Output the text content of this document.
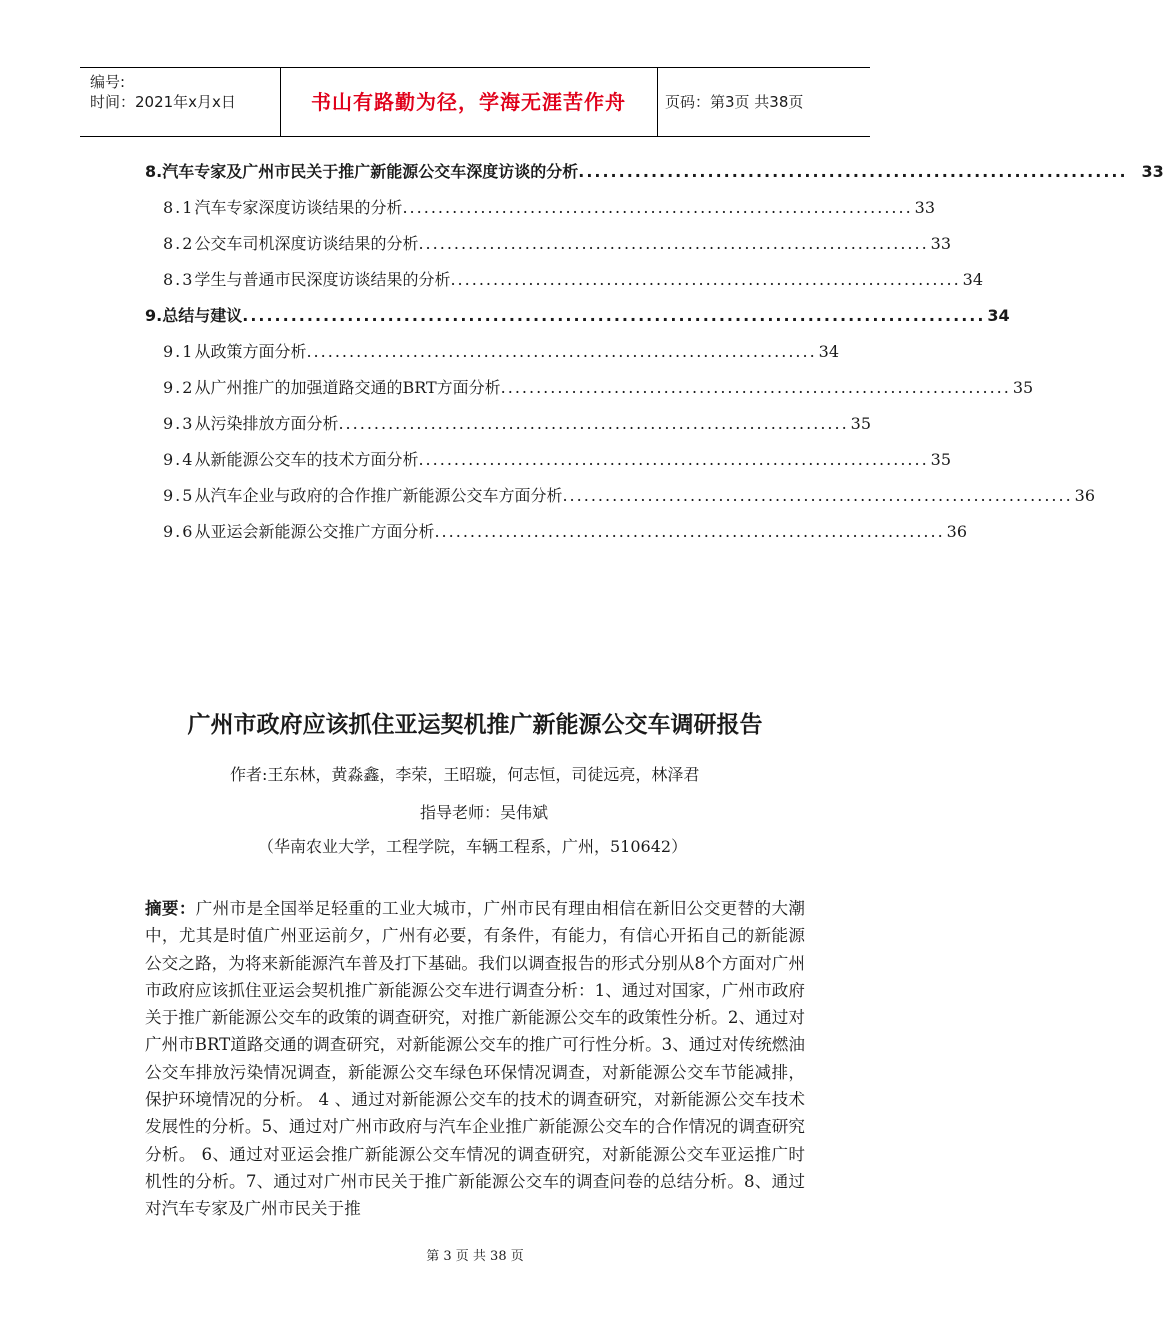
编号:
时间：2021年x月x日	书山有路勤为径，学海无涯苦作舟	页码：第3页 共38页
8. 汽车专家及广州市民关于推广新能源公交车深度访谈的分析 .................................................................... 33
8.1 汽车专家深度访谈结果的分析 ........................................................................ 33
8.2 公交车司机深度访谈结果的分析 ........................................................................ 33
8.3 学生与普通市民深度访谈结果的分析 ........................................................................ 34
9. 总结与建议 ............................................................................................ 34
9.1 从政策方面分析 ........................................................................ 34
9.2 从广州推广的加强道路交通的BRT方面分析 ........................................................................ 35
9.3 从污染排放方面分析 ........................................................................ 35
9.4 从新能源公交车的技术方面分析 ........................................................................ 35
9.5 从汽车企业与政府的合作推广新能源公交车方面分析 ........................................................................ 36
9.6 从亚运会新能源公交推广方面分析 ........................................................................ 36
广州市政府应该抓住亚运契机推广新能源公交车调研报告
作者:王东林，黄淼鑫，李荣，王昭璇，何志恒，司徒远亮，林泽君
指导老师：吴伟斌
（华南农业大学，工程学院，车辆工程系，广州，510642）
摘要：广州市是全国举足轻重的工业大城市，广州市民有理由相信在新旧公交更替的大潮中，尤其是时值广州亚运前夕，广州有必要，有条件，有能力，有信心开拓自己的新能源公交之路，为将来新能源汽车普及打下基础。我们以调查报告的形式分别从8个方面对广州市政府应该抓住亚运会契机推广新能源公交车进行调查分析：1、通过对国家，广州市政府关于推广新能源公交车的政策的调查研究，对推广新能源公交车的政策性分析。2、通过对广州市BRT道路交通的调查研究，对新能源公交车的推广可行性分析。3、通过对传统燃油公交车排放污染情况调查，新能源公交车绿色环保情况调查，对新能源公交车节能减排，保护环境情况的分析。 4 、通过对新能源公交车的技术的调查研究，对新能源公交车技术发展性的分析。5、通过对广州市政府与汽车企业推广新能源公交车的合作情况的调查研究分析。 6、通过对亚运会推广新能源公交车情况的调查研究，对新能源公交车亚运推广时机性的分析。7、通过对广州市民关于推广新能源公交车的调查问卷的总结分析。8、通过对汽车专家及广州市民关于推
第 3 页 共 38 页
